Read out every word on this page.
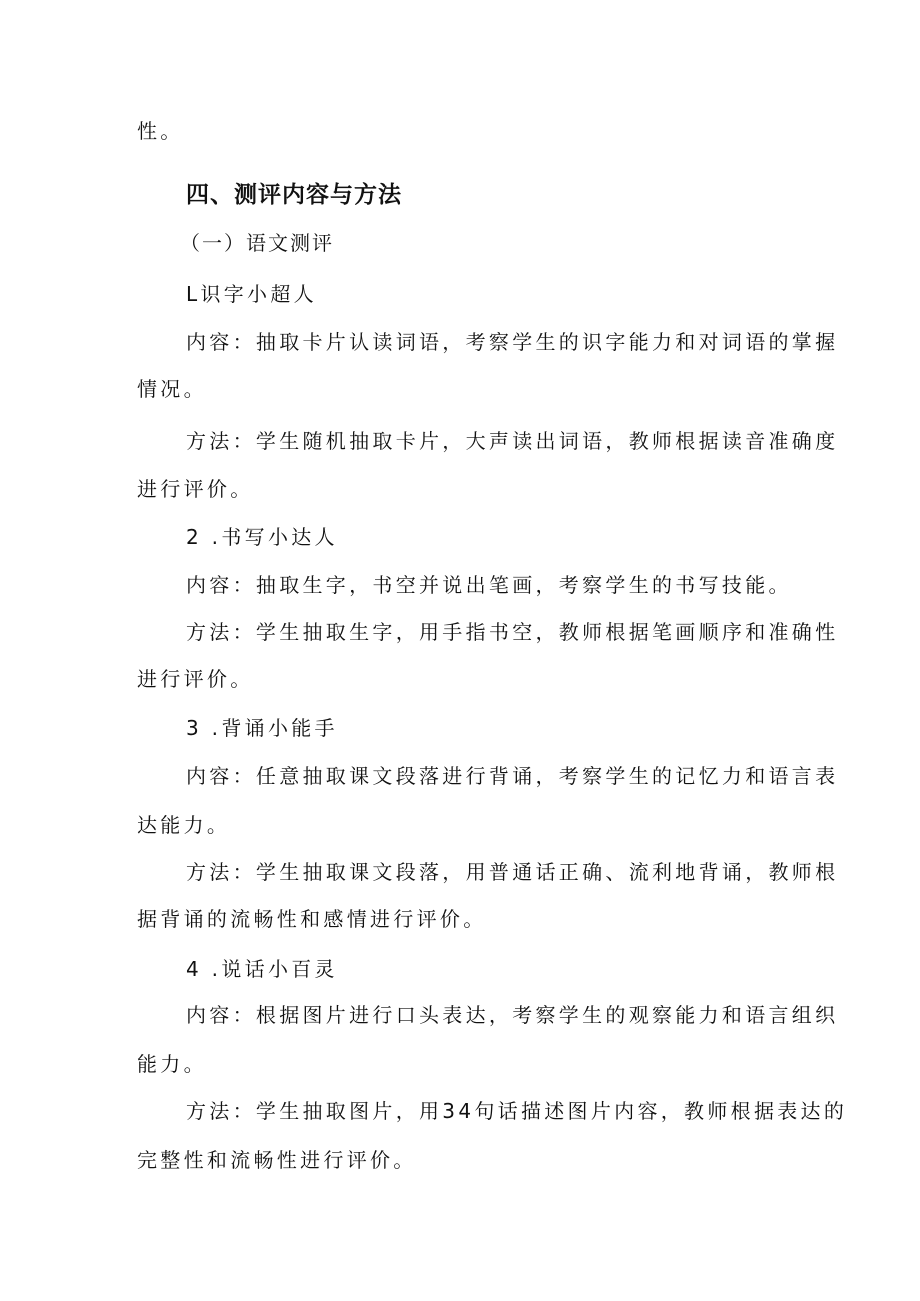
性。
四、测评内容与方法
（一）语文测评
L识字小超人
内容：抽取卡片认读词语，考察学生的识字能力和对词语的掌握
情况。
方法：学生随机抽取卡片，大声读出词语，教师根据读音准确度
进行评价。
2 .书写小达人
内容：抽取生字，书空并说出笔画，考察学生的书写技能。
方法：学生抽取生字，用手指书空，教师根据笔画顺序和准确性
进行评价。
3 .背诵小能手
内容：任意抽取课文段落进行背诵，考察学生的记忆力和语言表
达能力。
方法：学生抽取课文段落，用普通话正确、流利地背诵，教师根
据背诵的流畅性和感情进行评价。
4 .说话小百灵
内容：根据图片进行口头表达，考察学生的观察能力和语言组织
能力。
方法：学生抽取图片，用34句话描述图片内容，教师根据表达的
完整性和流畅性进行评价。
